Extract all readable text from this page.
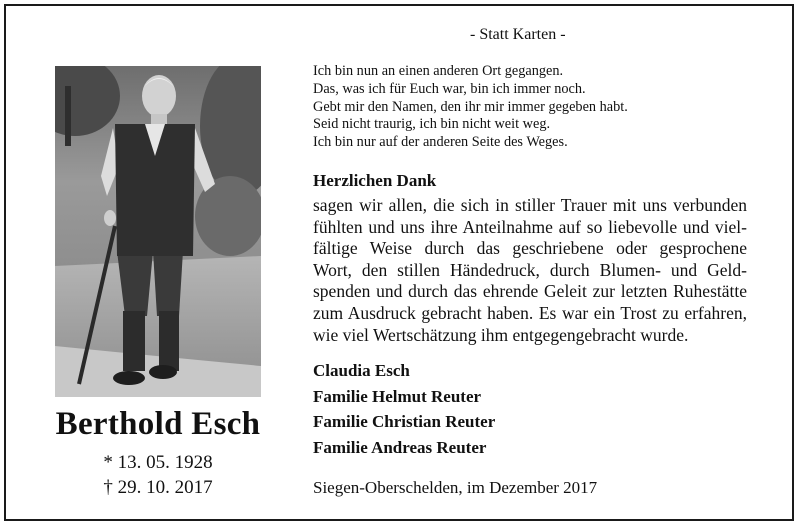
- Statt Karten -
Berthold Esch
* 13. 05. 1928
† 29. 10. 2017
Ich bin nun an einen anderen Ort gegangen.
Das, was ich für Euch war, bin ich immer noch.
Gebt mir den Namen, den ihr mir immer gegeben habt.
Seid nicht traurig, ich bin nicht weit weg.
Ich bin nur auf der anderen Seite des Weges.
Herzlichen Dank
sagen wir allen, die sich in stiller Trauer mit uns verbunden
fühlten und uns ihre Anteilnahme auf so liebevolle und viel-
fältige Weise durch das geschriebene oder gesprochene
Wort, den stillen Händedruck, durch Blumen- und Geld-
spenden und durch das ehrende Geleit zur letzten Ruhestätte
zum Ausdruck gebracht haben. Es war ein Trost zu erfahren,
wie viel Wertschätzung ihm entgegengebracht wurde.
Claudia Esch
Familie Helmut Reuter
Familie Christian Reuter
Familie Andreas Reuter
Siegen-Oberschelden, im Dezember 2017
